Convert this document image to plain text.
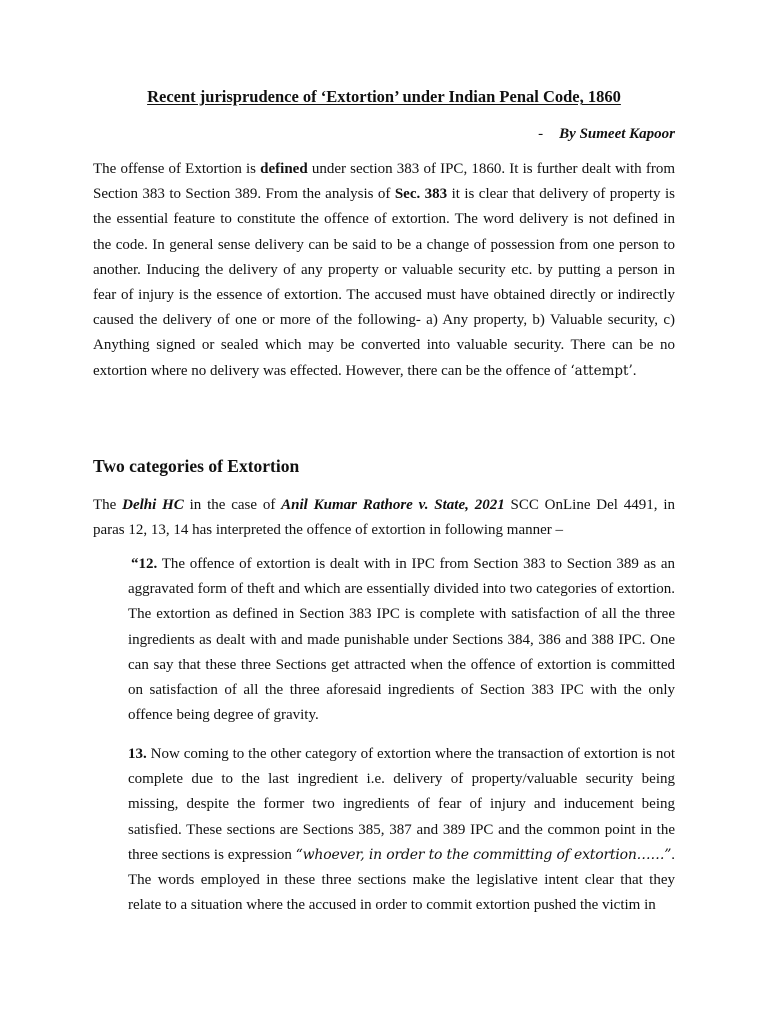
Recent jurisprudence of ‘Extortion’ under Indian Penal Code, 1860
- By Sumeet Kapoor

The offense of Extortion is defined under section 383 of IPC, 1860. It is further dealt with from Section 383 to Section 389. From the analysis of Sec. 383 it is clear that delivery of property is the essential feature to constitute the offence of extortion. The word delivery is not defined in the code. In general sense delivery can be said to be a change of possession from one person to another. Inducing the delivery of any property or valuable security etc. by putting a person in fear of injury is the essence of extortion. The accused must have obtained directly or indirectly caused the delivery of one or more of the following- a) Any property, b) Valuable security, c) Anything signed or sealed which may be converted into valuable security. There can be no extortion where no delivery was effected. However, there can be the offence of ‘attempt’.

Two categories of Extortion

The Delhi HC in the case of Anil Kumar Rathore v. State, 2021 SCC OnLine Del 4491, in paras 12, 13, 14 has interpreted the offence of extortion in following manner –

“12. The offence of extortion is dealt with in IPC from Section 383 to Section 389 as an aggravated form of theft and which are essentially divided into two categories of extortion. The extortion as defined in Section 383 IPC is complete with satisfaction of all the three ingredients as dealt with and made punishable under Sections 384, 386 and 388 IPC. One can say that these three Sections get attracted when the offence of extortion is committed on satisfaction of all the three aforesaid ingredients of Section 383 IPC with the only offence being degree of gravity.

13. Now coming to the other category of extortion where the transaction of extortion is not complete due to the last ingredient i.e. delivery of property/valuable security being missing, despite the former two ingredients of fear of injury and inducement being satisfied. These sections are Sections 385, 387 and 389 IPC and the common point in the three sections is expression “whoever, in order to the committing of extortion……”. The words employed in these three sections make the legislative intent clear that they relate to a situation where the accused in order to commit extortion pushed the victim in
